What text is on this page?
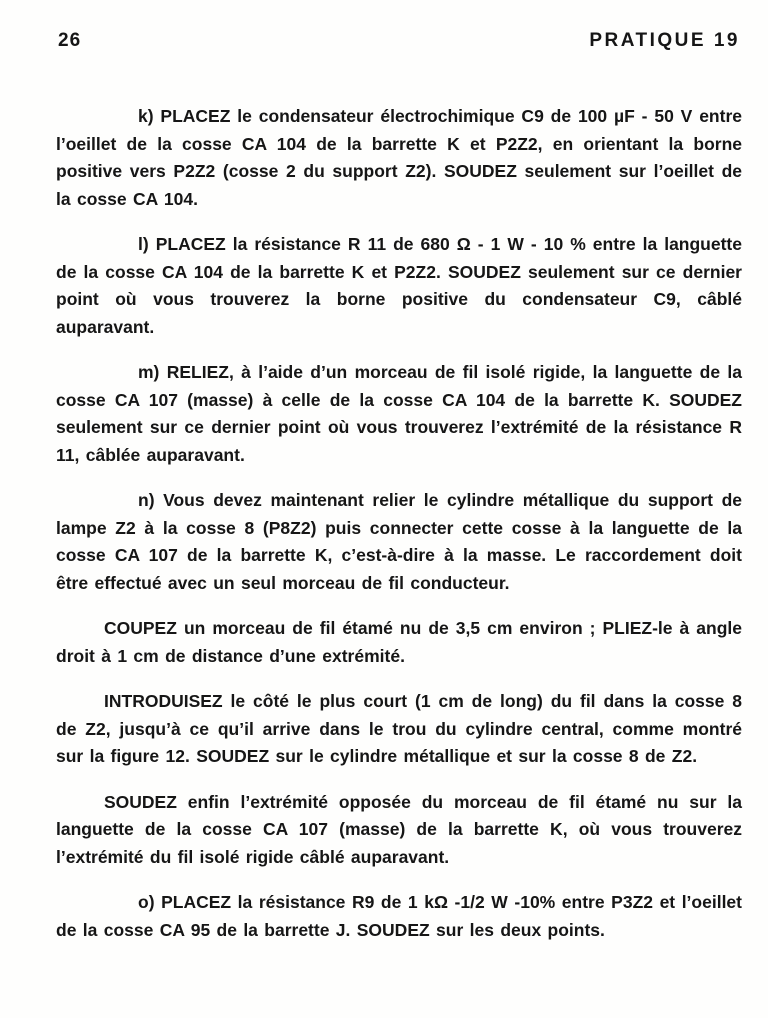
26	PRATIQUE 19

k) PLACEZ le condensateur électrochimique C9 de 100 µF - 50 V entre l’oeillet de la cosse CA 104 de la barrette K et P2Z2, en orientant la borne positive vers P2Z2 (cosse 2 du support Z2). SOUDEZ seulement sur l’oeillet de la cosse CA 104.

l) PLACEZ la résistance R 11 de 680 Ω - 1 W - 10 % entre la languette de la cosse CA 104 de la barrette K et P2Z2. SOUDEZ seulement sur ce dernier point où vous trouverez la borne positive du condensateur C9, câblé auparavant.

m) RELIEZ, à l’aide d’un morceau de fil isolé rigide, la languette de la cosse CA 107 (masse) à celle de la cosse CA 104 de la barrette K. SOUDEZ seulement sur ce dernier point où vous trouverez l’extrémité de la résistance R 11, câblée auparavant.

n) Vous devez maintenant relier le cylindre métallique du support de lampe Z2 à la cosse 8 (P8Z2) puis connecter cette cosse à la languette de la cosse CA 107 de la barrette K, c’est-à-dire à la masse. Le raccordement doit être effectué avec un seul morceau de fil conducteur.

COUPEZ un morceau de fil étamé nu de 3,5 cm environ ; PLIEZ-le à angle droit à 1 cm de distance d’une extrémité.

INTRODUISEZ le côté le plus court (1 cm de long) du fil dans la cosse 8 de Z2, jusqu’à ce qu’il arrive dans le trou du cylindre central, comme montré sur la figure 12. SOUDEZ sur le cylindre métallique et sur la cosse 8 de Z2.

SOUDEZ enfin l’extrémité opposée du morceau de fil étamé nu sur la languette de la cosse CA 107 (masse) de la barrette K, où vous trouverez l’extrémité du fil isolé rigide câblé auparavant.

o) PLACEZ la résistance R9 de 1 kΩ -1/2 W -10% entre P3Z2 et l’oeillet de la cosse CA 95 de la barrette J. SOUDEZ sur les deux points.
